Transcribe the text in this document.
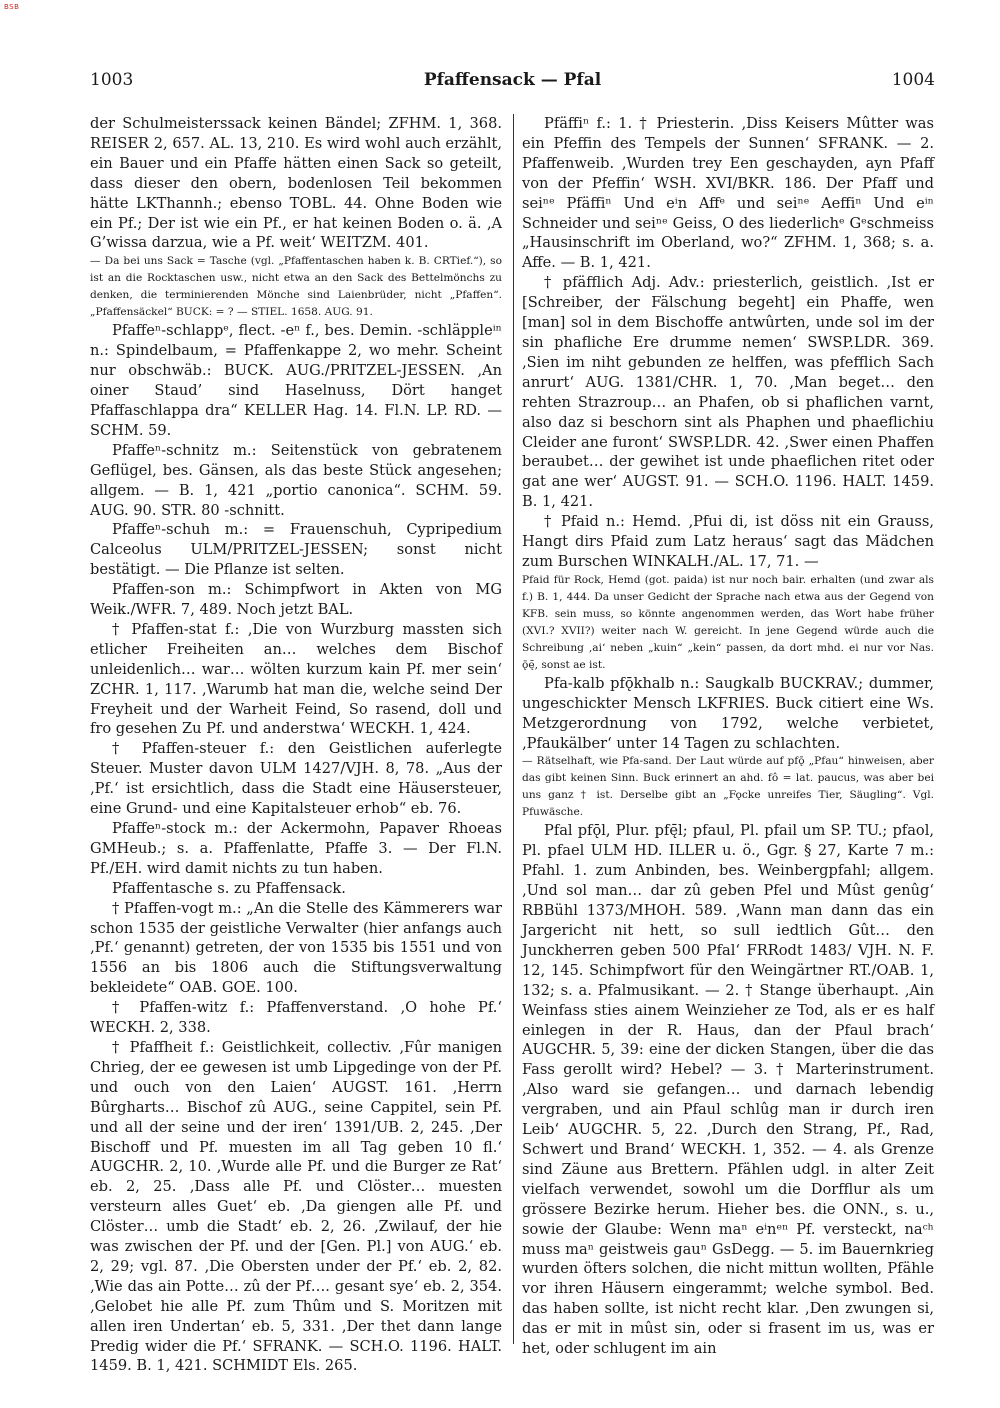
BSB
1003	Pfaffensack — Pfal	1004

der Schulmeisterssack keinen Bändel; ZFHM. 1, 368. REISER 2, 657. AL. 13, 210. Es wird wohl auch erzählt, ein Bauer und ein Pfaffe hätten einen Sack so geteilt, dass dieser den obern, bodenlosen Teil bekommen hätte LKThannh.; ebenso TOBL. 44. Ohne Boden wie ein Pf.; Der ist wie ein Pf., er hat keinen Boden o. ä. ‚A G’wissa darzua, wie a Pf. weit‘ WEITZM. 401.

— Da bei uns Sack = Tasche (vgl. „Pfaffentaschen haben k. B. CRTief.“), so ist an die Rocktaschen usw., nicht etwa an den Sack des Bettelmönchs zu denken, die terminierenden Mönche sind Laienbrüder, nicht „Pfaffen“. „Pfaffensäckel“ BUCK: = ? — STIEL. 1658. AUG. 91.

Pfaffeⁿ-schlappᵉ, flect. -eⁿ f., bes. Demin. -schläppleⁱⁿ n.: Spindelbaum, = Pfaffenkappe 2, wo mehr. Scheint nur obschwäb.: BUCK. AUG./PRITZEL-JESSEN. ‚An oiner Staud’ sind Haselnuss, Dört hanget Pfaffaschlappa dra“ KELLER Hag. 14. Fl.N. LP. RD. — SCHM. 59.

Pfaffeⁿ-schnitz m.: Seitenstück von gebratenem Geflügel, bes. Gänsen, als das beste Stück angesehen; allgem. — B. 1, 421 „portio canonica“. SCHM. 59. AUG. 90. STR. 80 -schnitt.

Pfaffeⁿ-schuh m.: = Frauenschuh, Cypripedium Calceolus ULM/PRITZEL-JESSEN; sonst nicht bestätigt. — Die Pflanze ist selten.

Pfaffen-son m.: Schimpfwort in Akten von MG Weik./WFR. 7, 489. Noch jetzt BAL.

† Pfaffen-stat f.: ‚Die von Wurzburg massten sich etlicher Freiheiten an… welches dem Bischof unleidenlich… war… wölten kurzum kain Pf. mer sein‘ ZCHR. 1, 117. ‚Warumb hat man die, welche seind Der Freyheit und der Warheit Feind, So rasend, doll und fro gesehen Zu Pf. und anderstwa‘ WECKH. 1, 424.

† Pfaffen-steuer f.: den Geistlichen auferlegte Steuer. Muster davon ULM 1427/VJH. 8, 78. „Aus der ‚Pf.‘ ist ersichtlich, dass die Stadt eine Häusersteuer, eine Grund- und eine Kapitalsteuer erhob“ eb. 76.

Pfaffeⁿ-stock m.: der Ackermohn, Papaver Rhoeas GMHeub.; s. a. Pfaffenlatte, Pfaffe 3. — Der Fl.N. Pf./EH. wird damit nichts zu tun haben.

Pfaffentasche s. zu Pfaffensack.

† Pfaffen-vogt m.: „An die Stelle des Kämmerers war schon 1535 der geistliche Verwalter (hier anfangs auch ‚Pf.‘ genannt) getreten, der von 1535 bis 1551 und von 1556 an bis 1806 auch die Stiftungsverwaltung bekleidete“ OAB. GOE. 100.

† Pfaffen-witz f.: Pfaffenverstand. ‚O hohe Pf.‘ WECKH. 2, 338.

† Pfaffheit f.: Geistlichkeit, collectiv. ‚Fûr manigen Chrieg, der ee gewesen ist umb Lipgedinge von der Pf. und ouch von den Laien‘ AUGST. 161. ‚Herrn Bûrgharts… Bischof zû AUG., seine Cappitel, sein Pf. und all der seine und der iren‘ 1391/UB. 2, 245. ‚Der Bischoff und Pf. muesten im all Tag geben 10 fl.‘ AUGCHR. 2, 10. ‚Wurde alle Pf. und die Burger ze Rat‘ eb. 2, 25. ‚Dass alle Pf. und Clöster… muesten versteurn alles Guet‘ eb. ‚Da giengen alle Pf. und Clöster… umb die Stadt‘ eb. 2, 26. ‚Zwilauf, der hie was zwischen der Pf. und der [Gen. Pl.] von AUG.‘ eb. 2, 29; vgl. 87. ‚Die Obersten under der Pf.‘ eb. 2, 82. ‚Wie das ain Potte… zû der Pf…. gesant sye‘ eb. 2, 354. ‚Gelobet hie alle Pf. zum Thûm und S. Moritzen mit allen iren Undertan‘ eb. 5, 331. ‚Der thet dann lange Predig wider die Pf.‘ SFRANK. — SCH.O. 1196. HALT. 1459. B. 1, 421. SCHMIDT Els. 265.

Pfäffiⁿ f.: 1. † Priesterin. ‚Diss Keisers Mûtter was ein Pfeffin des Tempels der Sunnen‘ SFRANK. — 2. Pfaffenweib. ‚Wurden trey Een geschayden, ayn Pfaff von der Pfeffin‘ WSH. XVI/BKR. 186. Der Pfaff und seiⁿᵉ Pfäffiⁿ Und eⁱn Affᵉ und seiⁿᵉ Aeffiⁿ Und eⁱⁿ Schneider und seiⁿᵉ Geiss, O des liederlichᵉ Gᵉschmeiss „Hausinschrift im Oberland, wo?“ ZFHM. 1, 368; s. a. Affe. — B. 1, 421.

† pfäfflich Adj. Adv.: priesterlich, geistlich. ‚Ist er [Schreiber, der Fälschung begeht] ein Phaffe, wen [man] sol in dem Bischoffe antwûrten, unde sol im der sin phafliche Ere drumme nemen‘ SWSP.LDR. 369. ‚Sien im niht gebunden ze helffen, was pfefflich Sach anrurt‘ AUG. 1381/CHR. 1, 70. ‚Man beget… den rehten Strazroup… an Phafen, ob si phaflichen varnt, also daz si beschorn sint als Phaphen und phaeflichiu Cleider ane furont‘ SWSP.LDR. 42. ‚Swer einen Phaffen beraubet… der gewihet ist unde phaeflichen ritet oder gat ane wer‘ AUGST. 91. — SCH.O. 1196. HALT. 1459. B. 1, 421.

† Pfaid n.: Hemd. ‚Pfui di, ist döss nit ein Grauss, Hangt dirs Pfaid zum Latz heraus‘ sagt das Mädchen zum Burschen WINKALH./AL. 17, 71. —

Pfaid für Rock, Hemd (got. paida) ist nur noch bair. erhalten (und zwar als f.) B. 1, 444. Da unser Gedicht der Sprache nach etwa aus der Gegend von KFB. sein muss, so könnte angenommen werden, das Wort habe früher (XVI.? XVII?) weiter nach W. gereicht. In jene Gegend würde auch die Schreibung ‚ai‘ neben „kuin“ „kein“ passen, da dort mhd. ei nur vor Nas. ǭę̄, sonst ae ist.

Pfa-kalb pfǭkhalb n.: Saugkalb BUCKRAV.; dummer, ungeschickter Mensch LKFRIES. Buck citiert eine Ws. Metzgerordnung von 1792, welche verbietet, ‚Pfaukälber‘ unter 14 Tagen zu schlachten.

— Rätselhaft, wie Pfa-sand. Der Laut würde auf pfǭ „Pfau“ hinweisen, aber das gibt keinen Sinn. Buck erinnert an ahd. fô = lat. paucus, was aber bei uns ganz † ist. Derselbe gibt an „Fǫcke unreifes Tier, Säugling“. Vgl. Pfuwäsche.

Pfal pfǭl, Plur. pfę̄l; pfaul, Pl. pfail um SP. TU.; pfaol, Pl. pfael ULM HD. ILLER u. ö., Ggr. § 27, Karte 7 m.: Pfahl. 1. zum Anbinden, bes. Weinbergpfahl; allgem. ‚Und sol man… dar zû geben Pfel und Mûst genûg‘ RBBühl 1373/MHOH. 589. ‚Wann man dann das ein Jargericht nit hett, so sull iedtlich Gût… den Junckherren geben 500 Pfal‘ FRRodt 1483/ VJH. N. F. 12, 145. Schimpfwort für den Weingärtner RT./OAB. 1, 132; s. a. Pfalmusikant. — 2. † Stange überhaupt. ‚Ain Weinfass sties ainem Weinzieher ze Tod, als er es half einlegen in der R. Haus, dan der Pfaul brach‘ AUGCHR. 5, 39: eine der dicken Stangen, über die das Fass gerollt wird? Hebel? — 3. † Marterinstrument. ‚Also ward sie gefangen… und darnach lebendig vergraben, und ain Pfaul schlûg man ir durch iren Leib‘ AUGCHR. 5, 22. ‚Durch den Strang, Pf., Rad, Schwert und Brand‘ WECKH. 1, 352. — 4. als Grenze sind Zäune aus Brettern. Pfählen udgl. in alter Zeit vielfach verwendet, sowohl um die Dorfflur als um grössere Bezirke herum. Hieher bes. die ONN., s. u., sowie der Glaube: Wenn maⁿ eⁱnᵉⁿ Pf. versteckt, naᶜʰ muss maⁿ geistweis gauⁿ GsDegg. — 5. im Bauernkrieg wurden öfters solchen, die nicht mittun wollten, Pfähle vor ihren Häusern eingerammt; welche symbol. Bed. das haben sollte, ist nicht recht klar. ‚Den zwungen si, das er mit in mûst sin, oder si frasent im us, was er het, oder schlugent im ain
